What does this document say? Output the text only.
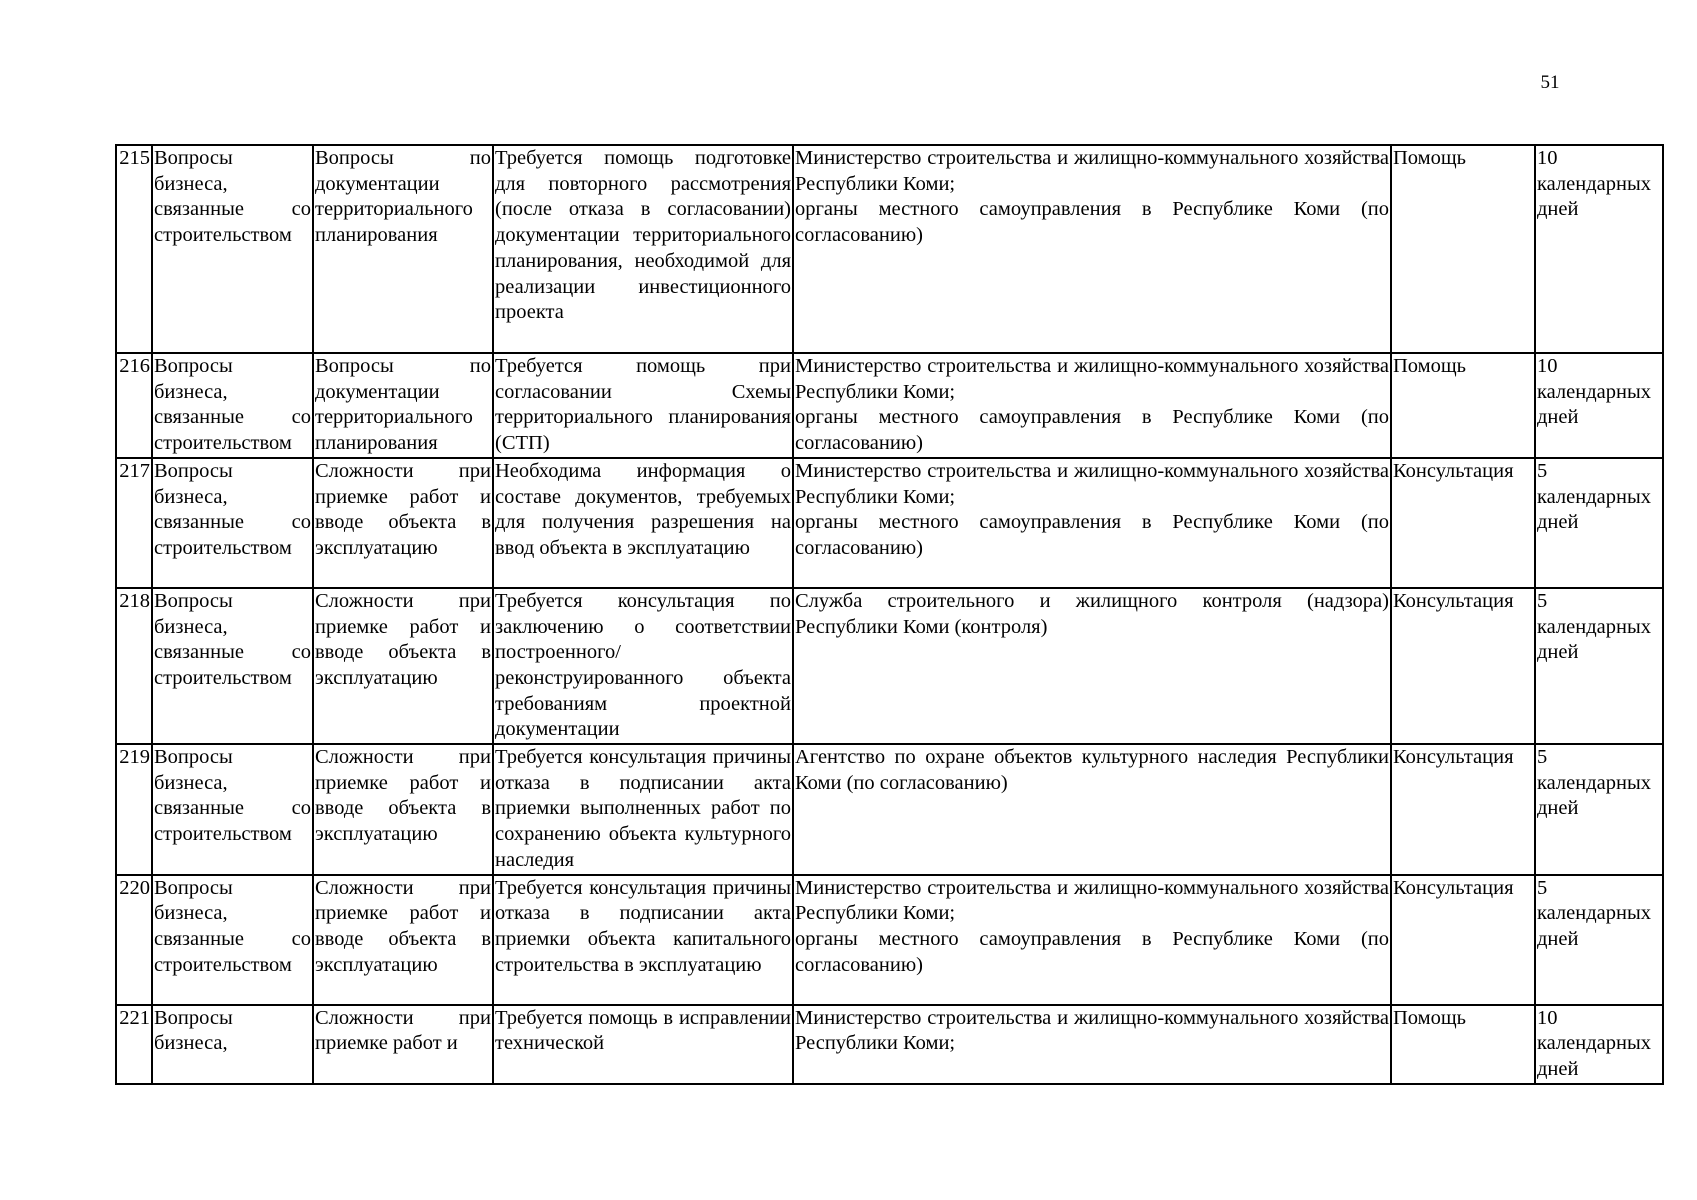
51
215	Вопросы бизнеса, связанные со строительством	Вопросы по документации территориального планирования	Требуется помощь подготовке для повторного рассмотрения (после отказа в согласовании) документации территориального планирования, необходимой для реализации инвестиционного проекта	Министерство строительства и жилищно-коммунального хозяйства Республики Коми;

органы местного самоуправления в Республике Коми (по согласованию)	Помощь	10 календарных дней
216	Вопросы бизнеса, связанные со строительством	Вопросы по документации территориального планирования	Требуется помощь при согласовании Схемы территориального планирования (СТП)	Министерство строительства и жилищно-коммунального хозяйства Республики Коми;

органы местного самоуправления в Республике Коми (по согласованию)	Помощь	10 календарных дней
217	Вопросы бизнеса, связанные со строительством	Сложности при приемке работ и вводе объекта в эксплуатацию	Необходима информация о составе документов, требуемых для получения разрешения на ввод объекта в эксплуатацию	Министерство строительства и жилищно-коммунального хозяйства Республики Коми;

органы местного самоуправления в Республике Коми (по согласованию)	Консультация	5 календарных дней
218	Вопросы бизнеса, связанные со строительством	Сложности при приемке работ и вводе объекта в эксплуатацию	Требуется консультация по заключению о соответствии построенного/реконструированного объекта требованиям проектной документации	Служба строительного и жилищного контроля (надзора) Республики Коми (контроля)	Консультация	5 календарных дней
219	Вопросы бизнеса, связанные со строительством	Сложности при приемке работ и вводе объекта в эксплуатацию	Требуется консультация причины отказа в подписании акта приемки выполненных работ по сохранению объекта культурного наследия	Агентство по охране объектов культурного наследия Республики Коми (по согласованию)	Консультация	5 календарных дней
220	Вопросы бизнеса, связанные со строительством	Сложности при приемке работ и вводе объекта в эксплуатацию	Требуется консультация причины отказа в подписании акта приемки объекта капитального строительства в эксплуатацию	Министерство строительства и жилищно-коммунального хозяйства Республики Коми;

органы местного самоуправления в Республике Коми (по согласованию)	Консультация	5 календарных дней
221	Вопросы бизнеса,	Сложности при приемке работ и	Требуется помощь в исправлении технической	Министерство строительства и жилищно-коммунального хозяйства Республики Коми;	Помощь	10 календарных дней
